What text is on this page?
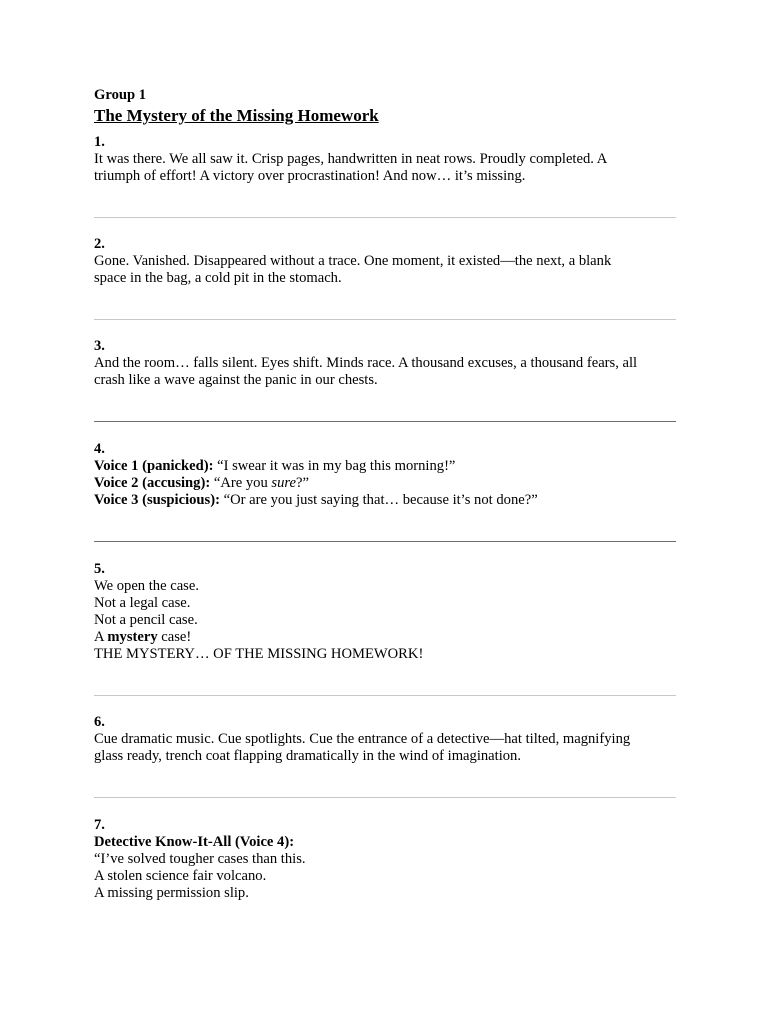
Group 1
The Mystery of the Missing Homework
1.
It was there. We all saw it. Crisp pages, handwritten in neat rows. Proudly completed. A
triumph of effort! A victory over procrastination! And now… it’s missing.
2.
Gone. Vanished. Disappeared without a trace. One moment, it existed—the next, a blank
space in the bag, a cold pit in the stomach.
3.
And the room… falls silent. Eyes shift. Minds race. A thousand excuses, a thousand fears, all
crash like a wave against the panic in our chests.
4.
Voice 1 (panicked): “I swear it was in my bag this morning!”
Voice 2 (accusing): “Are you sure?”
Voice 3 (suspicious): “Or are you just saying that… because it’s not done?”
5.
We open the case.
Not a legal case.
Not a pencil case.
A mystery case!
THE MYSTERY… OF THE MISSING HOMEWORK!
6.
Cue dramatic music. Cue spotlights. Cue the entrance of a detective—hat tilted, magnifying
glass ready, trench coat flapping dramatically in the wind of imagination.
7.
Detective Know-It-All (Voice 4):
“I’ve solved tougher cases than this.
A stolen science fair volcano.
A missing permission slip.
